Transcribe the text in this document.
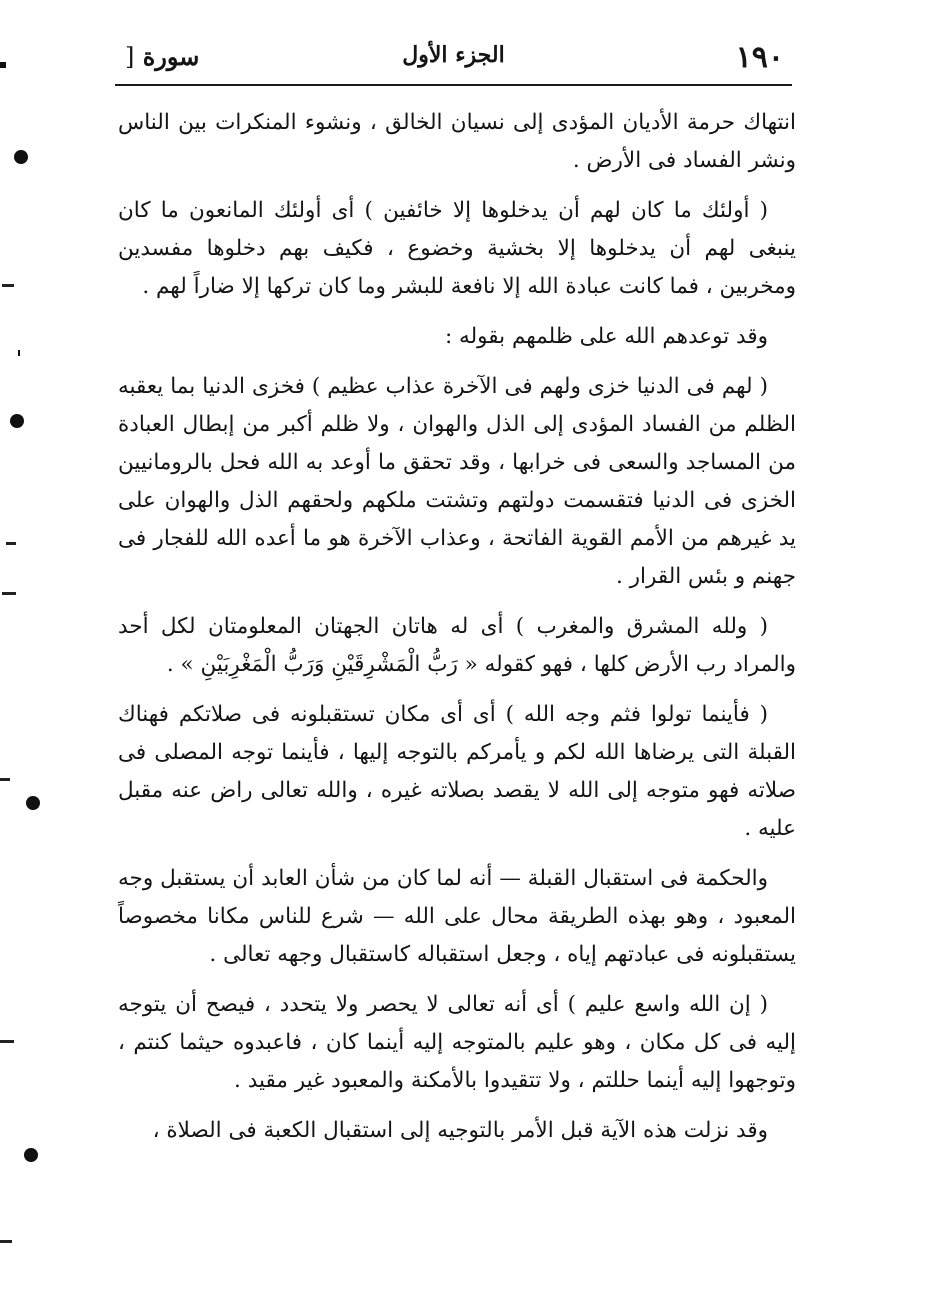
١٩٠
الجزء الأول
سورة [

انتهاك حرمة الأديان المؤدى إلى نسيان الخالق ، ونشوء المنكرات بين الناس ونشر الفساد فى الأرض .

( أولئك ما كان لهم أن يدخلوها إلا خائفين ) أى أولئك المانعون ما كان ينبغى لهم أن يدخلوها إلا بخشية وخضوع ، فكيف بهم دخلوها مفسدين ومخربين ، فما كانت عبادة الله إلا نافعة للبشر وما كان تركها إلا ضاراً لهم .

وقد توعدهم الله على ظلمهم بقوله :

( لهم فى الدنيا خزى ولهم فى الآخرة عذاب عظيم ) فخزى الدنيا بما يعقبه الظلم من الفساد المؤدى إلى الذل والهوان ، ولا ظلم أكبر من إبطال العبادة من المساجد والسعى فى خرابها ، وقد تحقق ما أوعد به الله فحل بالرومانيين الخزى فى الدنيا فتقسمت دولتهم وتشتت ملكهم ولحقهم الذل والهوان على يد غيرهم من الأمم القوية الفاتحة ، وعذاب الآخرة هو ما أعده الله للفجار فى جهنم و بئس القرار .

( ولله المشرق والمغرب ) أى له هاتان الجهتان المعلومتان لكل أحد والمراد رب الأرض كلها ، فهو كقوله « رَبُّ الْمَشْرِقَيْنِ وَرَبُّ الْمَغْرِبَيْنِ » .

( فأينما تولوا فثم وجه الله ) أى أى مكان تستقبلونه فى صلاتكم فهناك القبلة التى يرضاها الله لكم و يأمركم بالتوجه إليها ، فأينما توجه المصلى فى صلاته فهو متوجه إلى الله لا يقصد بصلاته غيره ، والله تعالى راض عنه مقبل عليه .

والحكمة فى استقبال القبلة — أنه لما كان من شأن العابد أن يستقبل وجه المعبود ، وهو بهذه الطريقة محال على الله — شرع للناس مكانا مخصوصاً يستقبلونه فى عبادتهم إياه ، وجعل استقباله كاستقبال وجهه تعالى .

( إن الله واسع عليم ) أى أنه تعالى لا يحصر ولا يتحدد ، فيصح أن يتوجه إليه فى كل مكان ، وهو عليم بالمتوجه إليه أينما كان ، فاعبدوه حيثما كنتم ، وتوجهوا إليه أينما حللتم ، ولا تتقيدوا بالأمكنة والمعبود غير مقيد .

وقد نزلت هذه الآية قبل الأمر بالتوجيه إلى استقبال الكعبة فى الصلاة ،
